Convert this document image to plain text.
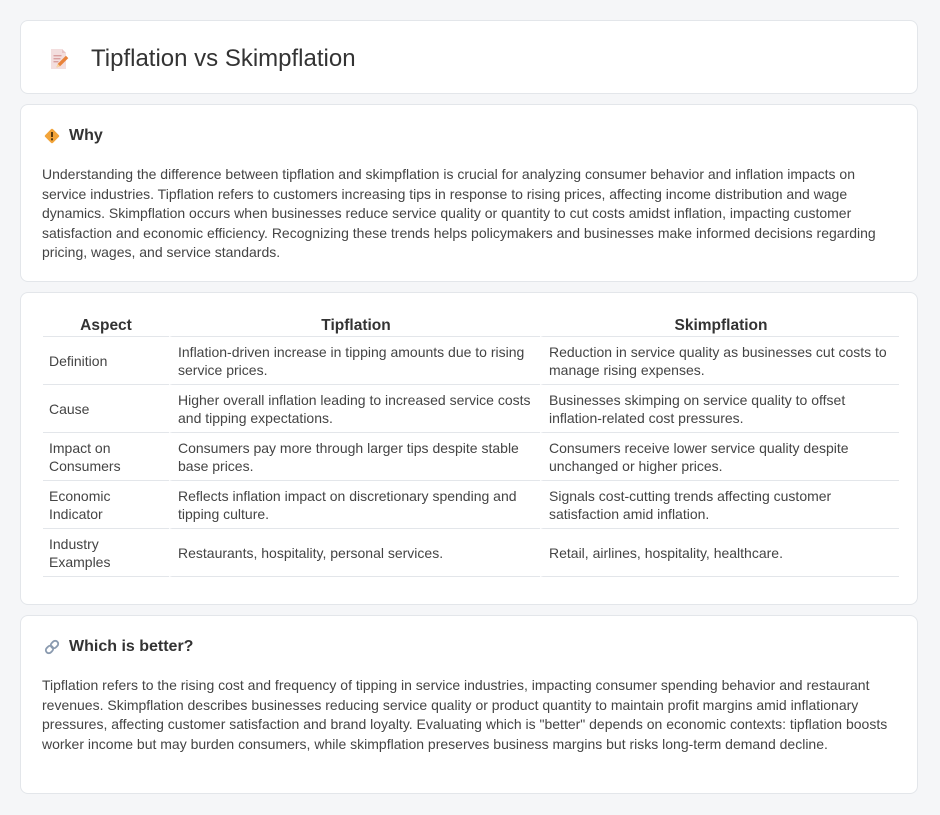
Tipflation vs Skimpflation
Why

Understanding the difference between tipflation and skimpflation is crucial for analyzing consumer behavior and inflation impacts on service industries. Tipflation refers to customers increasing tips in response to rising prices, affecting income distribution and wage dynamics. Skimpflation occurs when businesses reduce service quality or quantity to cut costs amidst inflation, impacting customer satisfaction and economic efficiency. Recognizing these trends helps policymakers and businesses make informed decisions regarding pricing, wages, and service standards.

Aspect	Tipflation	Skimpflation
Definition	Inflation-driven increase in tipping amounts due to rising service prices.	Reduction in service quality as businesses cut costs to manage rising expenses.
Cause	Higher overall inflation leading to increased service costs and tipping expectations.	Businesses skimping on service quality to offset inflation-related cost pressures.
Impact on Consumers	Consumers pay more through larger tips despite stable base prices.	Consumers receive lower service quality despite unchanged or higher prices.
Economic Indicator	Reflects inflation impact on discretionary spending and tipping culture.	Signals cost-cutting trends affecting customer satisfaction amid inflation.
Industry Examples	Restaurants, hospitality, personal services.	Retail, airlines, hospitality, healthcare.
Which is better?

Tipflation refers to the rising cost and frequency of tipping in service industries, impacting consumer spending behavior and restaurant revenues. Skimpflation describes businesses reducing service quality or product quantity to maintain profit margins amid inflationary pressures, affecting customer satisfaction and brand loyalty. Evaluating which is "better" depends on economic contexts: tipflation boosts worker income but may burden consumers, while skimpflation preserves business margins but risks long-term demand decline.
